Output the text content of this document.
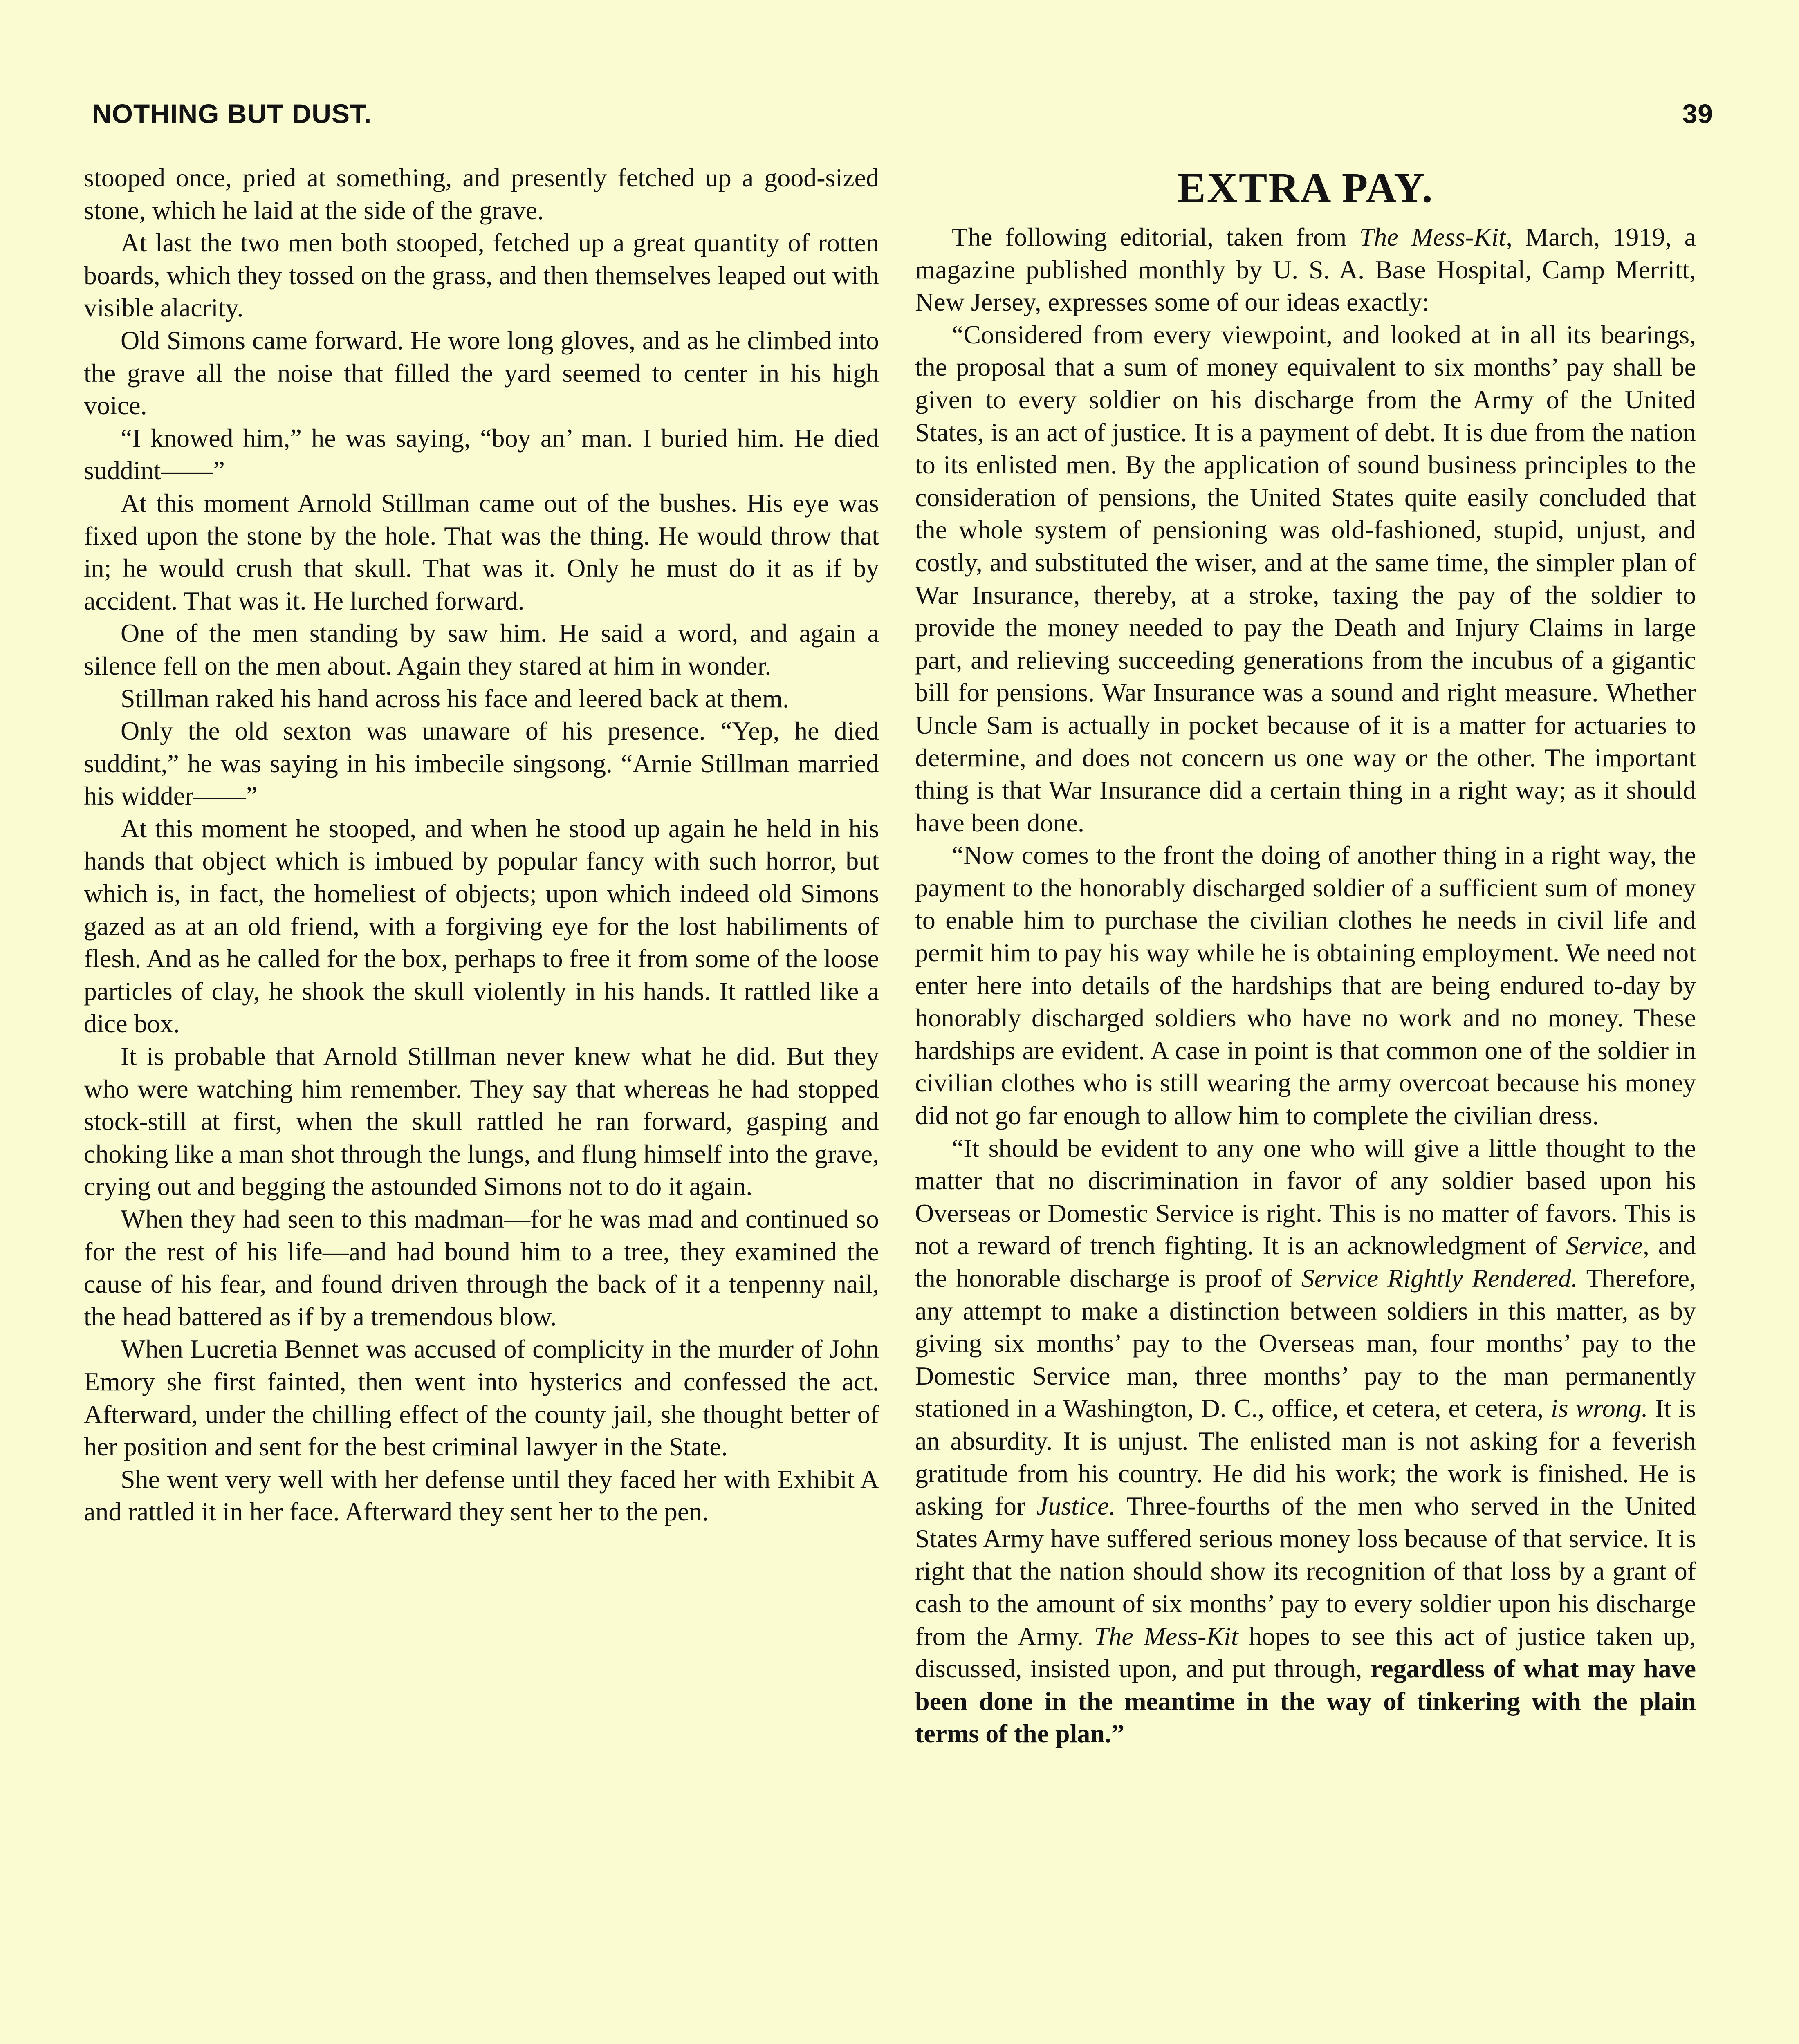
NOTHING BUT DUST.	39

stooped once, pried at something, and presently fetched up a good-sized stone, which he laid at the side of the grave.

At last the two men both stooped, fetched up a great quantity of rotten boards, which they tossed on the grass, and then themselves leaped out with visible alacrity.

Old Simons came forward. He wore long gloves, and as he climbed into the grave all the noise that filled the yard seemed to center in his high voice.

“I knowed him,” he was saying, “boy an’ man. I buried him. He died suddint——”

At this moment Arnold Stillman came out of the bushes. His eye was fixed upon the stone by the hole. That was the thing. He would throw that in; he would crush that skull. That was it. Only he must do it as if by accident. That was it. He lurched forward.

One of the men standing by saw him. He said a word, and again a silence fell on the men about. Again they stared at him in wonder.

Stillman raked his hand across his face and leered back at them.

Only the old sexton was unaware of his presence. “Yep, he died suddint,” he was saying in his imbecile singsong. “Arnie Stillman married his widder——”

At this moment he stooped, and when he stood up again he held in his hands that object which is imbued by popular fancy with such horror, but which is, in fact, the homeliest of objects; upon which indeed old Simons gazed as at an old friend, with a forgiving eye for the lost habiliments of flesh. And as he called for the box, perhaps to free it from some of the loose particles of clay, he shook the skull violently in his hands. It rattled like a dice box.

It is probable that Arnold Stillman never knew what he did. But they who were watching him remember. They say that whereas he had stopped stock-still at first, when the skull rattled he ran forward, gasping and choking like a man shot through the lungs, and flung himself into the grave, crying out and begging the astounded Simons not to do it again.

When they had seen to this madman—for he was mad and continued so for the rest of his life—and had bound him to a tree, they examined the cause of his fear, and found driven through the back of it a tenpenny nail, the head battered as if by a tremendous blow.

When Lucretia Bennet was accused of complicity in the murder of John Emory she first fainted, then went into hysterics and confessed the act. Afterward, under the chilling effect of the county jail, she thought better of her position and sent for the best criminal lawyer in the State.

She went very well with her defense until they faced her with Exhibit A and rattled it in her face. Afterward they sent her to the pen.

EXTRA PAY.

The following editorial, taken from The Mess-Kit, March, 1919, a magazine published monthly by U. S. A. Base Hospital, Camp Merritt, New Jersey, expresses some of our ideas exactly:

“Considered from every viewpoint, and looked at in all its bearings, the proposal that a sum of money equivalent to six months’ pay shall be given to every soldier on his discharge from the Army of the United States, is an act of justice. It is a payment of debt. It is due from the nation to its enlisted men. By the application of sound business principles to the consideration of pensions, the United States quite easily concluded that the whole system of pensioning was old-fashioned, stupid, unjust, and costly, and substituted the wiser, and at the same time, the simpler plan of War Insurance, thereby, at a stroke, taxing the pay of the soldier to provide the money needed to pay the Death and Injury Claims in large part, and relieving succeeding generations from the incubus of a gigantic bill for pensions. War Insurance was a sound and right measure. Whether Uncle Sam is actually in pocket because of it is a matter for actuaries to determine, and does not concern us one way or the other. The important thing is that War Insurance did a certain thing in a right way; as it should have been done.

“Now comes to the front the doing of another thing in a right way, the payment to the honorably discharged soldier of a sufficient sum of money to enable him to purchase the civilian clothes he needs in civil life and permit him to pay his way while he is obtaining employment. We need not enter here into details of the hardships that are being endured to-day by honorably discharged soldiers who have no work and no money. These hardships are evident. A case in point is that common one of the soldier in civilian clothes who is still wearing the army overcoat because his money did not go far enough to allow him to complete the civilian dress.

“It should be evident to any one who will give a little thought to the matter that no discrimination in favor of any soldier based upon his Overseas or Domestic Service is right. This is no matter of favors. This is not a reward of trench fighting. It is an acknowledgment of Service, and the honorable discharge is proof of Service Rightly Rendered. Therefore, any attempt to make a distinction between soldiers in this matter, as by giving six months’ pay to the Overseas man, four months’ pay to the Domestic Service man, three months’ pay to the man permanently stationed in a Washington, D. C., office, et cetera, et cetera, is wrong. It is an absurdity. It is unjust. The enlisted man is not asking for a feverish gratitude from his country. He did his work; the work is finished. He is asking for Justice. Three-fourths of the men who served in the United States Army have suffered serious money loss because of that service. It is right that the nation should show its recognition of that loss by a grant of cash to the amount of six months’ pay to every soldier upon his discharge from the Army. The Mess-Kit hopes to see this act of justice taken up, discussed, insisted upon, and put through, regardless of what may have been done in the meantime in the way of tinkering with the plain terms of the plan.”
